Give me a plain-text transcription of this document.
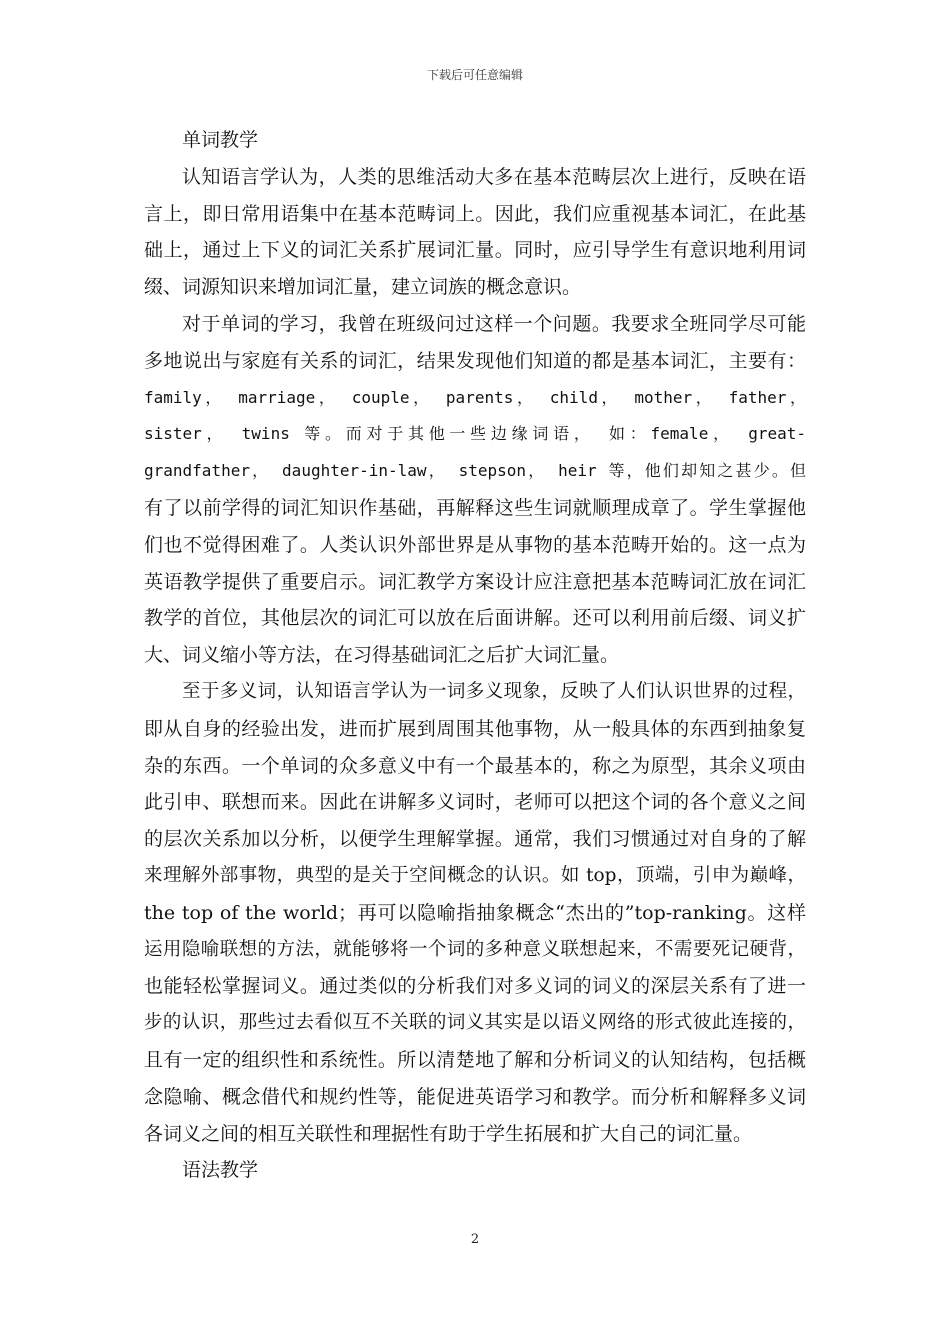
下载后可任意编辑
单词教学
认知语言学认为，人类的思维活动大多在基本范畴层次上进行，反映在语
言上，即日常用语集中在基本范畴词上。因此，我们应重视基本词汇，在此基
础上，通过上下义的词汇关系扩展词汇量。同时，应引导学生有意识地利用词
缀、词源知识来增加词汇量，建立词族的概念意识。
对于单词的学习，我曾在班级问过这样一个问题。我要求全班同学尽可能
多地说出与家庭有关系的词汇，结果发现他们知道的都是基本词汇，主要有：
family， marriage， couple， parents， child， mother， father，
sister， twins 等。而对于其他一些边缘词语， 如：female， great-
grandfather， daughter-in-law， stepson， heir 等，他们却知之甚少。但
有了以前学得的词汇知识作基础，再解释这些生词就顺理成章了。学生掌握他
们也不觉得困难了。人类认识外部世界是从事物的基本范畴开始的。这一点为
英语教学提供了重要启示。词汇教学方案设计应注意把基本范畴词汇放在词汇
教学的首位，其他层次的词汇可以放在后面讲解。还可以利用前后缀、词义扩
大、词义缩小等方法，在习得基础词汇之后扩大词汇量。
至于多义词，认知语言学认为一词多义现象，反映了人们认识世界的过程，
即从自身的经验出发，进而扩展到周围其他事物，从一般具体的东西到抽象复
杂的东西。一个单词的众多意义中有一个最基本的，称之为原型，其余义项由
此引申、联想而来。因此在讲解多义词时，老师可以把这个词的各个意义之间
的层次关系加以分析，以便学生理解掌握。通常，我们习惯通过对自身的了解
来理解外部事物，典型的是关于空间概念的认识。如 top，顶端，引申为巅峰，
the top of the world；再可以隐喻指抽象概念“杰出的”top-ranking。这样
运用隐喻联想的方法，就能够将一个词的多种意义联想起来，不需要死记硬背，
也能轻松掌握词义。通过类似的分析我们对多义词的词义的深层关系有了进一
步的认识，那些过去看似互不关联的词义其实是以语义网络的形式彼此连接的，
且有一定的组织性和系统性。所以清楚地了解和分析词义的认知结构，包括概
念隐喻、概念借代和规约性等，能促进英语学习和教学。而分析和解释多义词
各词义之间的相互关联性和理据性有助于学生拓展和扩大自己的词汇量。
语法教学
2
